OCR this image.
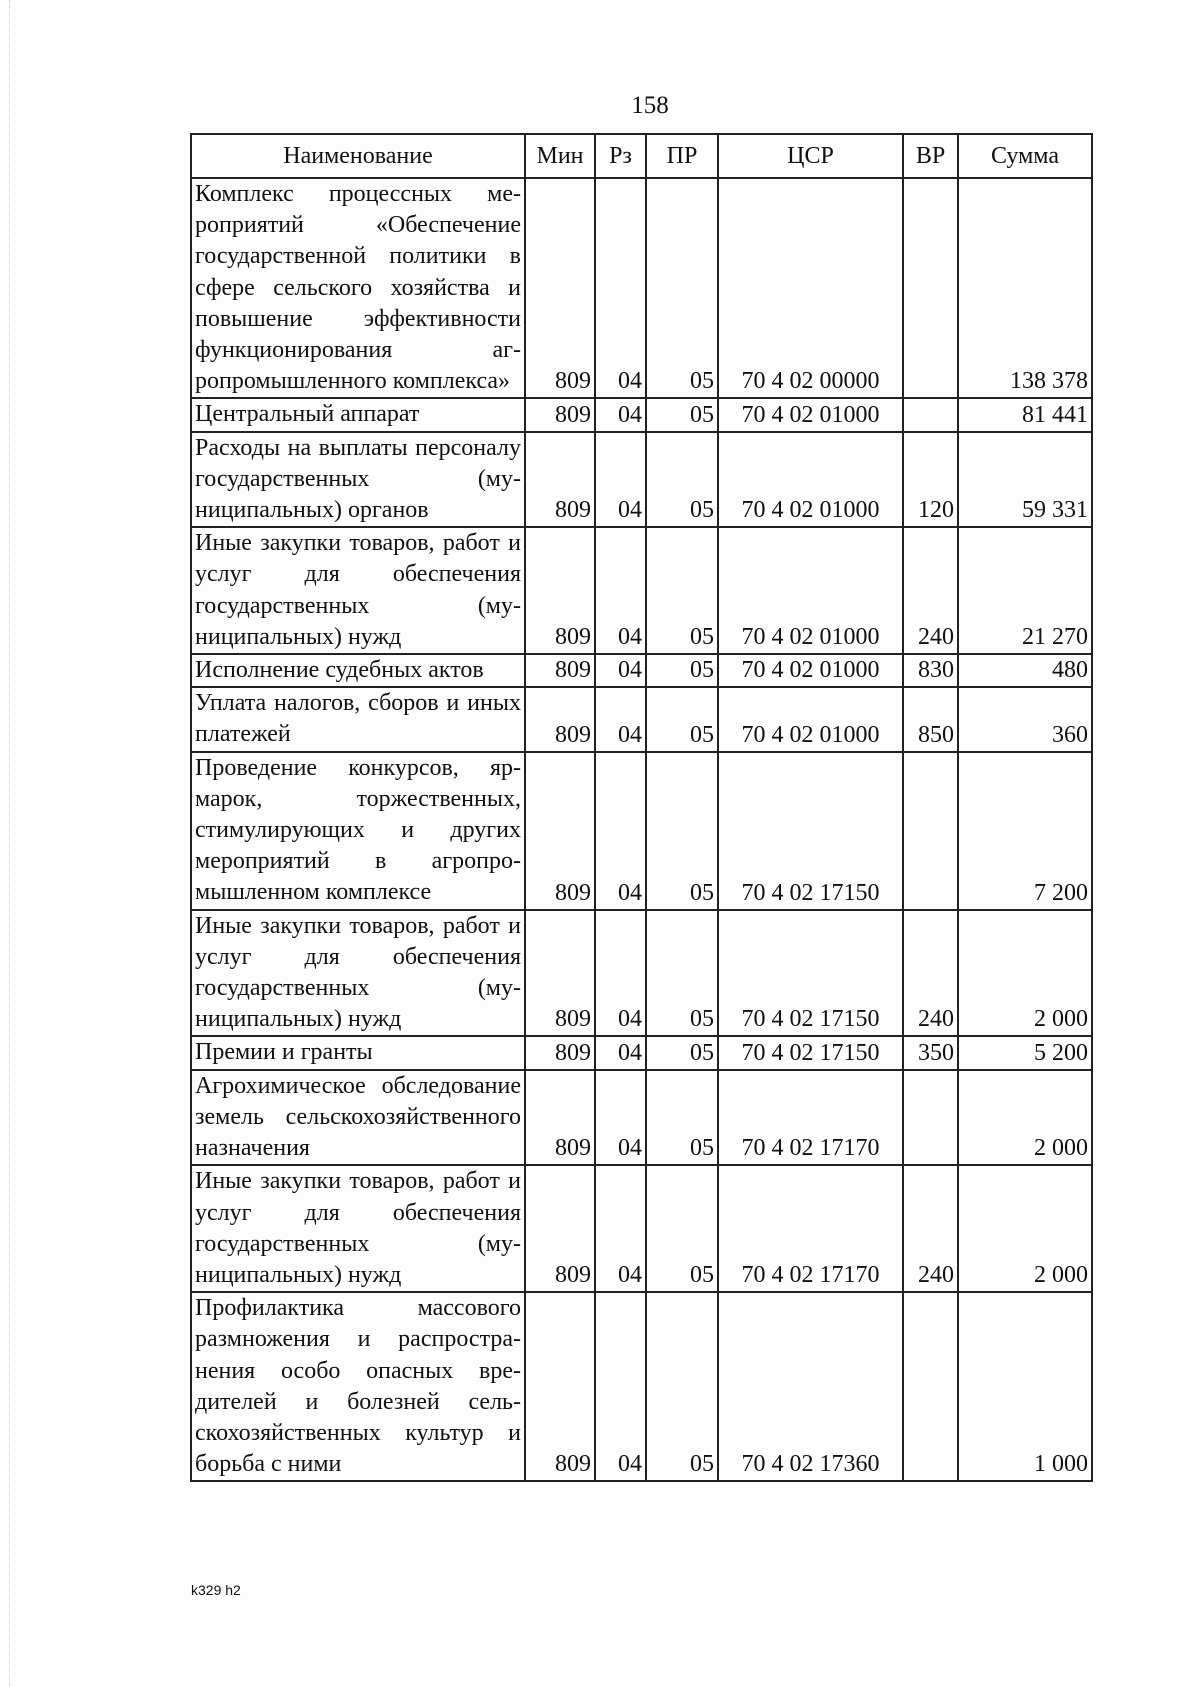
158
Наименование	Мин	Рз	ПР	ЦСР	ВР	Сумма
Комплекс процессных мероприятий «Обеспечение государственной политики в сфере сельского хозяйства и повышение эффективности функционирования агропромышленного комплекса»	809	04	05	70 4 02 00000		138 378
Центральный аппарат	809	04	05	70 4 02 01000		81 441
Расходы на выплаты персоналу государственных (муниципальных) органов	809	04	05	70 4 02 01000	120	59 331
Иные закупки товаров, работ и услуг для обеспечения государственных (муниципальных) нужд	809	04	05	70 4 02 01000	240	21 270
Исполнение судебных актов	809	04	05	70 4 02 01000	830	480
Уплата налогов, сборов и иных платежей	809	04	05	70 4 02 01000	850	360
Проведение конкурсов, ярмарок, торжественных, стимулирующих и других мероприятий в агропромышленном комплексе	809	04	05	70 4 02 17150		7 200
Иные закупки товаров, работ и услуг для обеспечения государственных (муниципальных) нужд	809	04	05	70 4 02 17150	240	2 000
Премии и гранты	809	04	05	70 4 02 17150	350	5 200
Агрохимическое обследование земель сельскохозяйственного назначения	809	04	05	70 4 02 17170		2 000
Иные закупки товаров, работ и услуг для обеспечения государственных (муниципальных) нужд	809	04	05	70 4 02 17170	240	2 000
Профилактика массового размножения и распространения особо опасных вредителей и болезней сельскохозяйственных культур и борьба с ними	809	04	05	70 4 02 17360		1 000
k329 h2
